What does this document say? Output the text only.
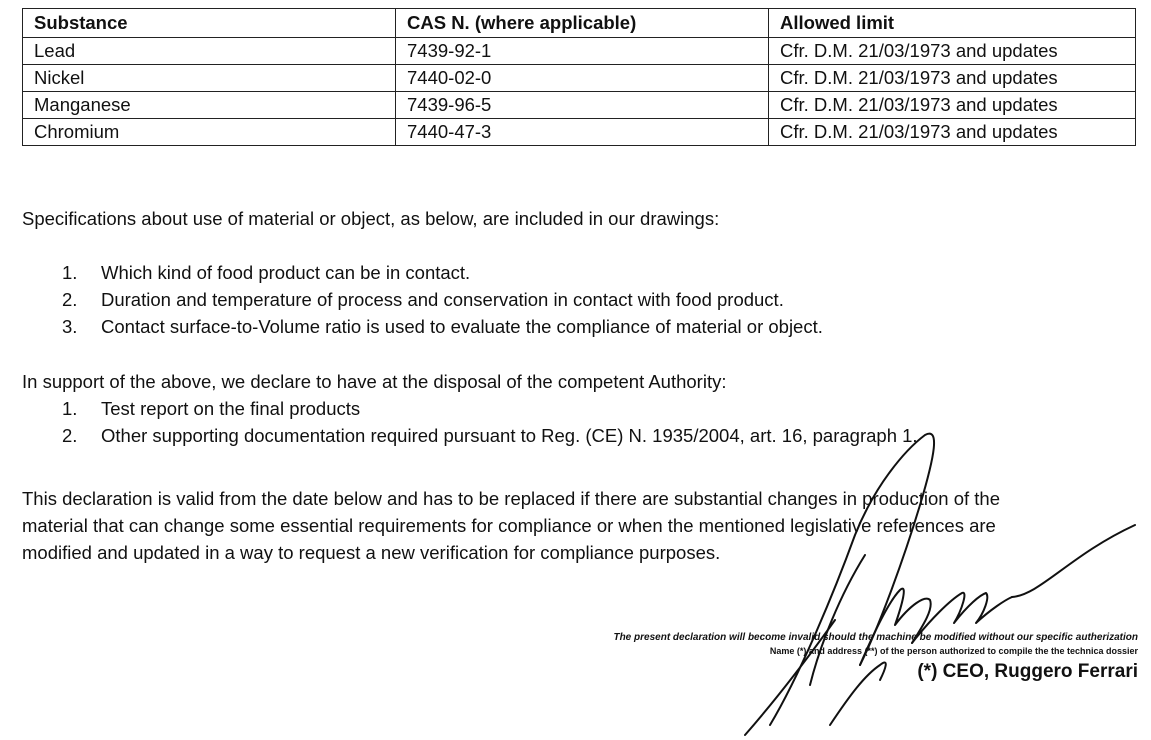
Substance	CAS N. (where applicable)	Allowed limit
Lead	7439-92-1	Cfr. D.M. 21/03/1973 and updates
Nickel	7440-02-0	Cfr. D.M. 21/03/1973 and updates
Manganese	7439-96-5	Cfr. D.M. 21/03/1973 and updates
Chromium	7440-47-3	Cfr. D.M. 21/03/1973 and updates
Specifications about use of material or object, as below, are included in our drawings:
1. Which kind of food product can be in contact.
2. Duration and temperature of process and conservation in contact with food product.
3. Contact surface-to-Volume ratio is used to evaluate the compliance of material or object.
In support of the above, we declare to have at the disposal of the competent Authority:
1. Test report on the final products
2. Other supporting documentation required pursuant to Reg. (CE) N. 1935/2004, art. 16, paragraph 1.
This declaration is valid from the date below and has to be replaced if there are substantial changes in production of the
material that can change some essential requirements for compliance or when the mentioned legislative references are
modified and updated in a way to request a new verification for compliance purposes.
The present declaration will become invalid should the machine be modified without our specific autherization
Name (*) and address (**) of the person authorized to compile the the technica dossier
(*) CEO, Ruggero Ferrari
